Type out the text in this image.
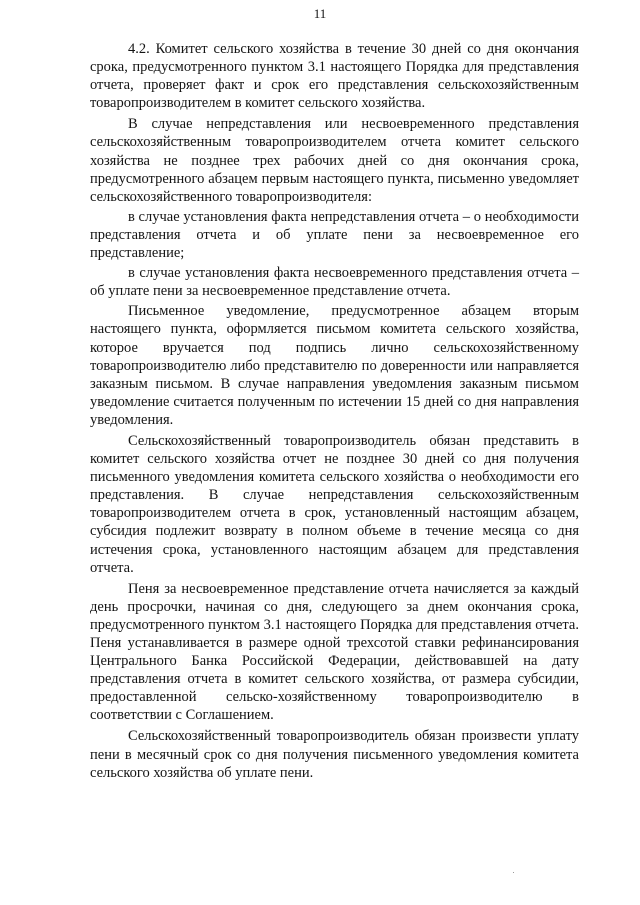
11

4.2. Комитет сельского хозяйства в течение 30 дней со дня окончания срока, предусмотренного пунктом 3.1 настоящего Порядка для представления отчета, проверяет факт и срок его представления сельскохозяйственным товаропроизводителем в комитет сельского хозяйства.

В случае непредставления или несвоевременного представления сельскохозяйственным товаропроизводителем отчета комитет сельского хозяйства не позднее трех рабочих дней со дня окончания срока, предусмотренного абзацем первым настоящего пункта, письменно уведомляет сельскохозяйственного товаропроизводителя:

в случае установления факта непредставления отчета – о необходимости представления отчета и об уплате пени за несвоевременное его представление;

в случае установления факта несвоевременного представления отчета – об уплате пени за несвоевременное представление отчета.

Письменное уведомление, предусмотренное абзацем вторым настоящего пункта, оформляется письмом комитета сельского хозяйства, которое вручается под подпись лично сельскохозяйственному товаропроизводителю либо представителю по доверенности или направляется заказным письмом. В случае направления уведомления заказным письмом уведомление считается полученным по истечении 15 дней со дня направления уведомления.

Сельскохозяйственный товаропроизводитель обязан представить в комитет сельского хозяйства отчет не позднее 30 дней со дня получения письменного уведомления комитета сельского хозяйства о необходимости его представления. В случае непредставления сельскохозяйственным товаропроизводителем отчета в срок, установленный настоящим абзацем, субсидия подлежит возврату в полном объеме в течение месяца со дня истечения срока, установленного настоящим абзацем для представления отчета.

Пеня за несвоевременное представление отчета начисляется за каждый день просрочки, начиная со дня, следующего за днем окончания срока, предусмотренного пунктом 3.1 настоящего Порядка для представления отчета. Пеня устанавливается в размере одной трехсотой ставки рефинансирования Центрального Банка Российской Федерации, действовавшей на дату представления отчета в комитет сельского хозяйства, от размера субсидии, предоставленной сельско-хозяйственному товаропроизводителю в соответствии с Соглашением.

Сельскохозяйственный товаропроизводитель обязан произвести уплату пени в месячный срок со дня получения письменного уведомления комитета сельского хозяйства об уплате пени.
